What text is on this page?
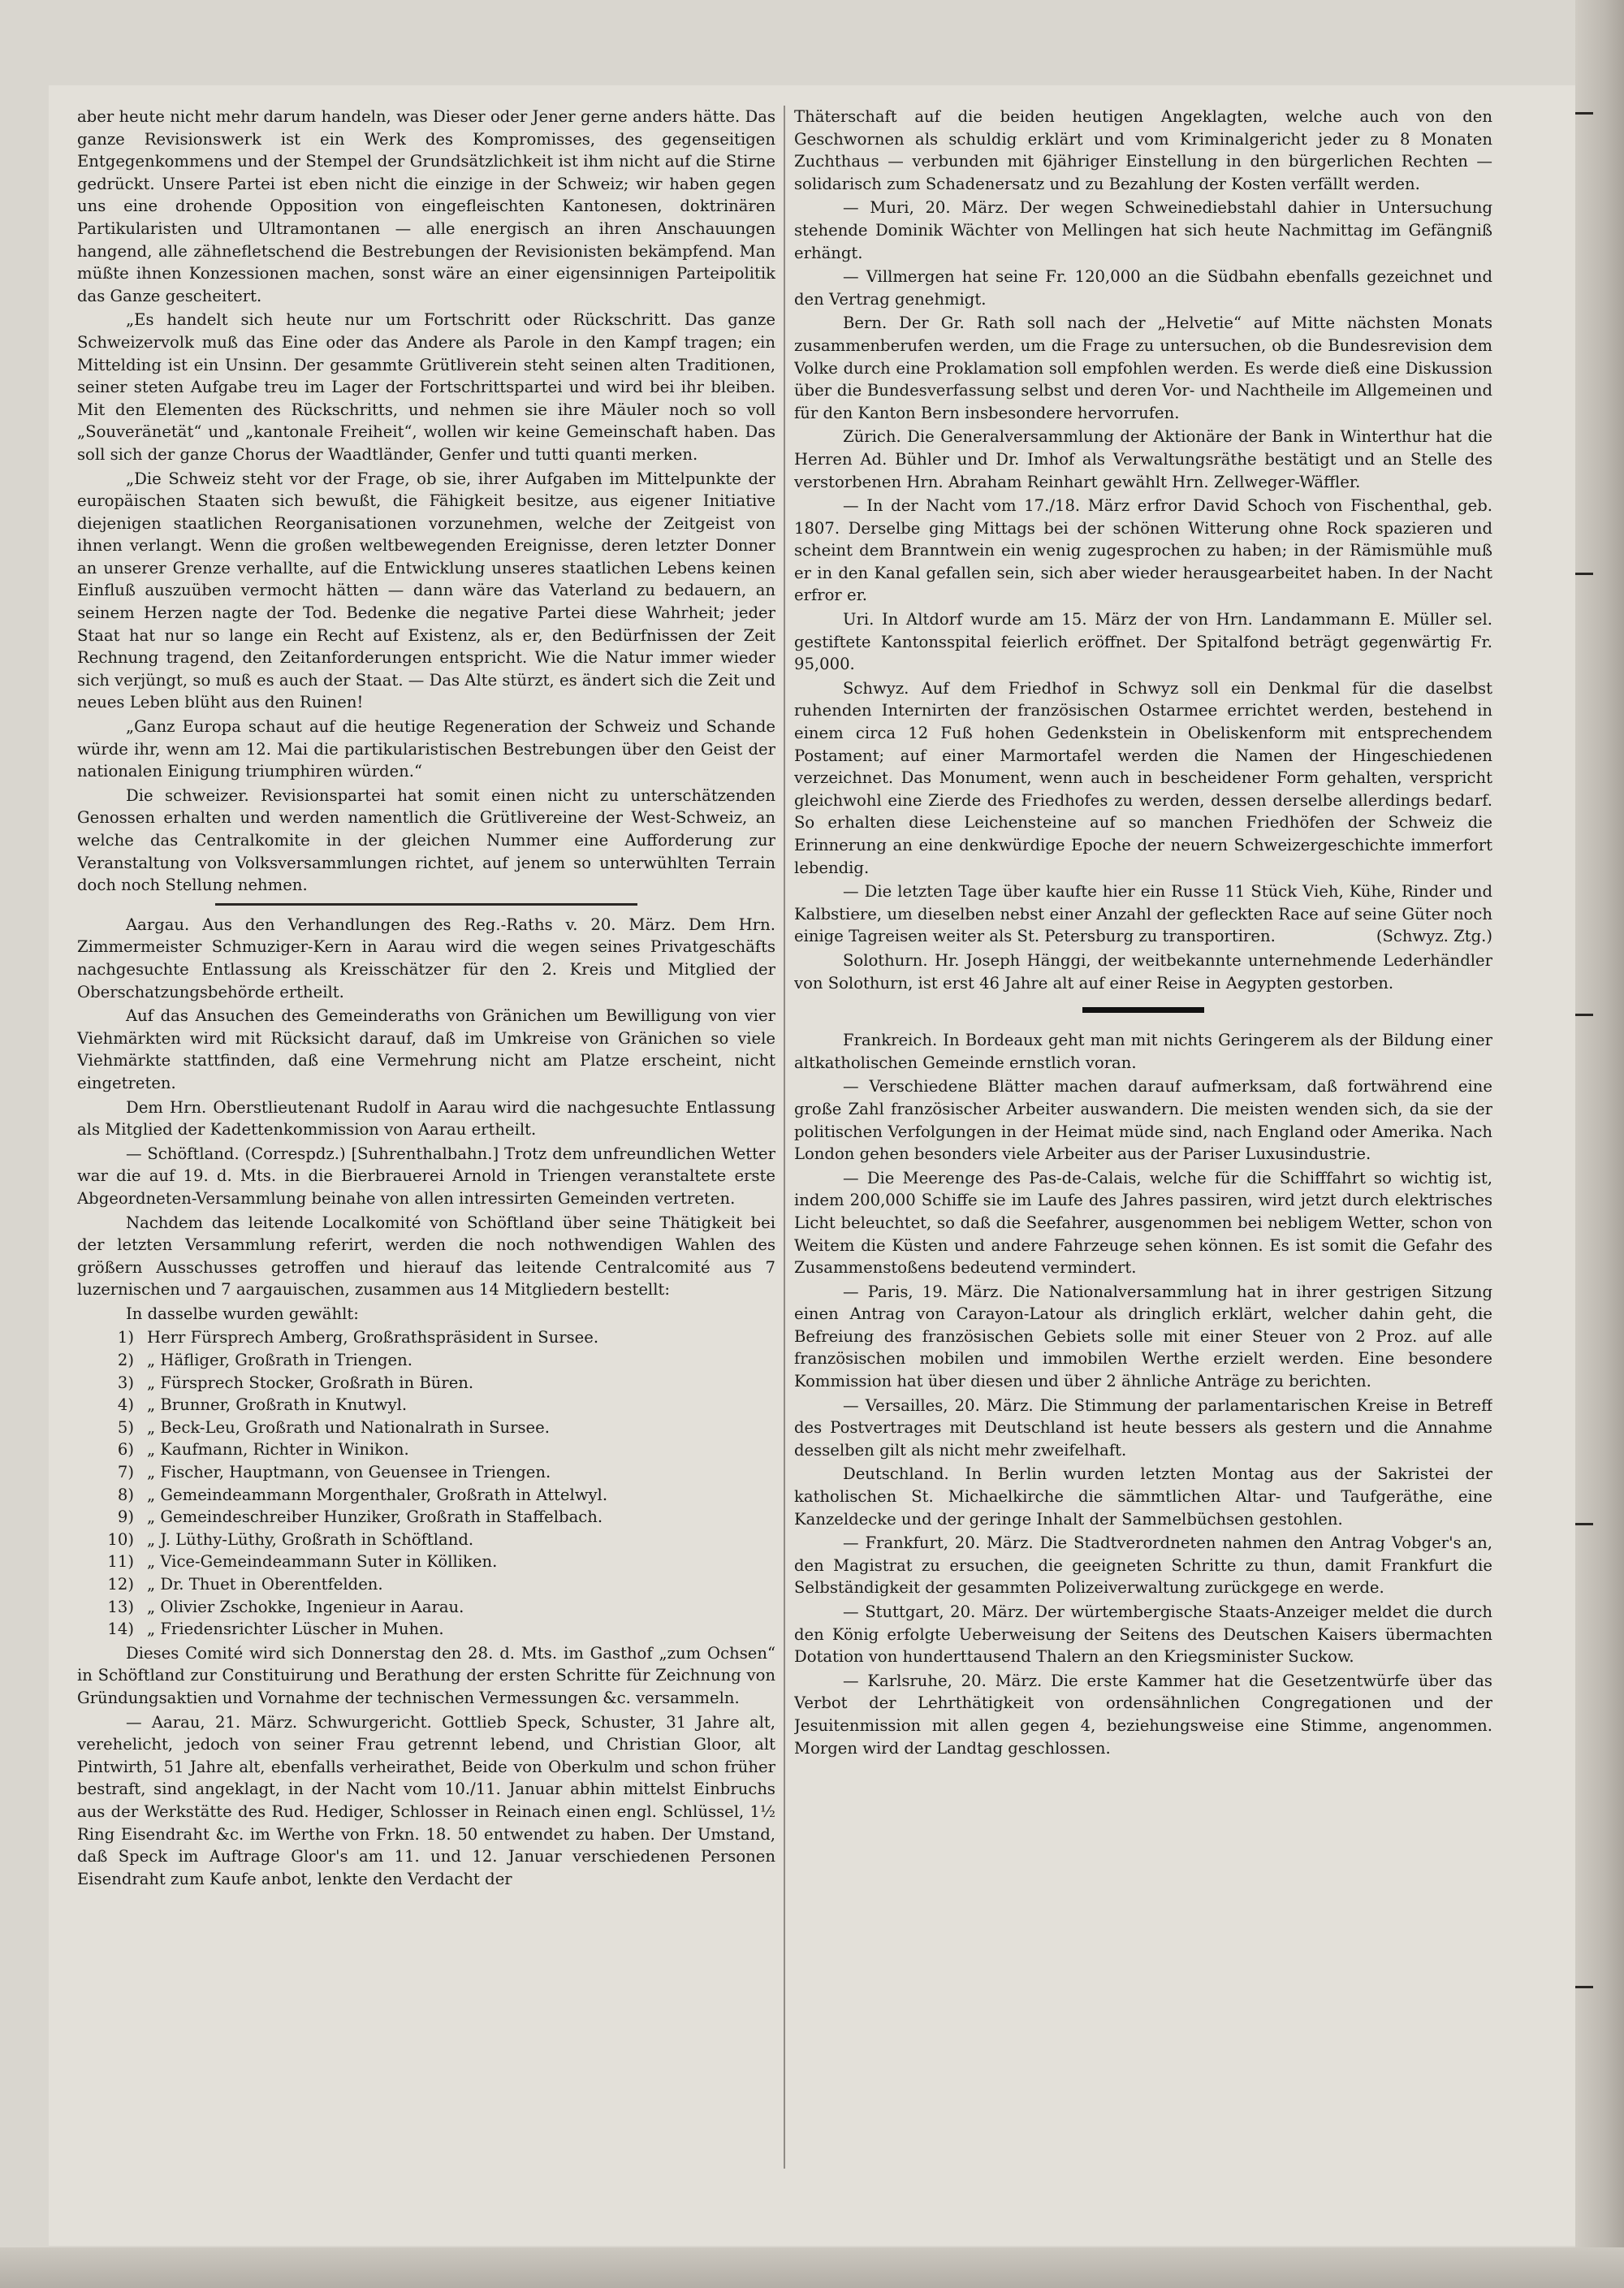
aber heute nicht mehr darum handeln, was Dieser oder Jener gerne anders hätte. Das ganze Revisionswerk ist ein Werk des Kompromisses, des gegenseitigen Entgegenkommens und der Stempel der Grundsätzlichkeit ist ihm nicht auf die Stirne gedrückt. Unsere Partei ist eben nicht die einzige in der Schweiz; wir haben gegen uns eine drohende Opposition von eingefleischten Kantonesen, doktrinären Partikularisten und Ultramontanen — alle energisch an ihren Anschauungen hangend, alle zähnefletschend die Bestrebungen der Revisionisten bekämpfend. Man müßte ihnen Konzessionen machen, sonst wäre an einer eigensinnigen Parteipolitik das Ganze gescheitert.

„Es handelt sich heute nur um Fortschritt oder Rückschritt. Das ganze Schweizervolk muß das Eine oder das Andere als Parole in den Kampf tragen; ein Mittelding ist ein Unsinn. Der gesammte Grütliverein steht seinen alten Traditionen, seiner steten Aufgabe treu im Lager der Fortschrittspartei und wird bei ihr bleiben. Mit den Elementen des Rückschritts, und nehmen sie ihre Mäuler noch so voll „Souveränetät“ und „kantonale Freiheit“, wollen wir keine Gemeinschaft haben. Das soll sich der ganze Chorus der Waadtländer, Genfer und tutti quanti merken.

„Die Schweiz steht vor der Frage, ob sie, ihrer Aufgaben im Mittelpunkte der europäischen Staaten sich bewußt, die Fähigkeit besitze, aus eigener Initiative diejenigen staatlichen Reorganisationen vorzunehmen, welche der Zeitgeist von ihnen verlangt. Wenn die großen weltbewegenden Ereignisse, deren letzter Donner an unserer Grenze verhallte, auf die Entwicklung unseres staatlichen Lebens keinen Einfluß auszuüben vermocht hätten — dann wäre das Vaterland zu bedauern, an seinem Herzen nagte der Tod. Bedenke die negative Partei diese Wahrheit; jeder Staat hat nur so lange ein Recht auf Existenz, als er, den Bedürfnissen der Zeit Rechnung tragend, den Zeitanforderungen entspricht. Wie die Natur immer wieder sich verjüngt, so muß es auch der Staat. — Das Alte stürzt, es ändert sich die Zeit und neues Leben blüht aus den Ruinen!

„Ganz Europa schaut auf die heutige Regeneration der Schweiz und Schande würde ihr, wenn am 12. Mai die partikularistischen Bestrebungen über den Geist der nationalen Einigung triumphiren würden.“

Die schweizer. Revisionspartei hat somit einen nicht zu unterschätzenden Genossen erhalten und werden namentlich die Grütlivereine der West-Schweiz, an welche das Centralkomite in der gleichen Nummer eine Aufforderung zur Veranstaltung von Volksversammlungen richtet, auf jenem so unterwühlten Terrain doch noch Stellung nehmen.

Aargau. Aus den Verhandlungen des Reg.-Raths v. 20. März. Dem Hrn. Zimmermeister Schmuziger-Kern in Aarau wird die wegen seines Privatgeschäfts nachgesuchte Entlassung als Kreisschätzer für den 2. Kreis und Mitglied der Oberschatzungsbehörde ertheilt.

Auf das Ansuchen des Gemeinderaths von Gränichen um Bewilligung von vier Viehmärkten wird mit Rücksicht darauf, daß im Umkreise von Gränichen so viele Viehmärkte stattfinden, daß eine Vermehrung nicht am Platze erscheint, nicht eingetreten.

Dem Hrn. Oberstlieutenant Rudolf in Aarau wird die nachgesuchte Entlassung als Mitglied der Kadettenkommission von Aarau ertheilt.

— Schöftland. (Correspdz.) [Suhrenthalbahn.] Trotz dem unfreundlichen Wetter war die auf 19. d. Mts. in die Bierbrauerei Arnold in Triengen veranstaltete erste Abgeordneten-Versammlung beinahe von allen intressirten Gemeinden vertreten.

Nachdem das leitende Localkomité von Schöftland über seine Thätigkeit bei der letzten Versammlung referirt, werden die noch nothwendigen Wahlen des größern Ausschusses getroffen und hierauf das leitende Centralcomité aus 7 luzernischen und 7 aargauischen, zusammen aus 14 Mitgliedern bestellt:

In dasselbe wurden gewählt:

1) Herr Fürsprech Amberg, Großrathspräsident in Sursee.
2) „ Häfliger, Großrath in Triengen.
3) „ Fürsprech Stocker, Großrath in Büren.
4) „ Brunner, Großrath in Knutwyl.
5) „ Beck-Leu, Großrath und Nationalrath in Sursee.
6) „ Kaufmann, Richter in Winikon.
7) „ Fischer, Hauptmann, von Geuensee in Triengen.
8) „ Gemeindeammann Morgenthaler, Großrath in Attelwyl.
9) „ Gemeindeschreiber Hunziker, Großrath in Staffelbach.
10) „ J. Lüthy-Lüthy, Großrath in Schöftland.
11) „ Vice-Gemeindeammann Suter in Kölliken.
12) „ Dr. Thuet in Oberentfelden.
13) „ Olivier Zschokke, Ingenieur in Aarau.
14) „ Friedensrichter Lüscher in Muhen.

Dieses Comité wird sich Donnerstag den 28. d. Mts. im Gasthof „zum Ochsen“ in Schöftland zur Constituirung und Berathung der ersten Schritte für Zeichnung von Gründungsaktien und Vornahme der technischen Vermessungen &c. versammeln.

— Aarau, 21. März. Schwurgericht. Gottlieb Speck, Schuster, 31 Jahre alt, verehelicht, jedoch von seiner Frau getrennt lebend, und Christian Gloor, alt Pintwirth, 51 Jahre alt, ebenfalls verheirathet, Beide von Oberkulm und schon früher bestraft, sind angeklagt, in der Nacht vom 10./11. Januar abhin mittelst Einbruchs aus der Werkstätte des Rud. Hediger, Schlosser in Reinach einen engl. Schlüssel, 1½ Ring Eisendraht &c. im Werthe von Frkn. 18. 50 entwendet zu haben. Der Umstand, daß Speck im Auftrage Gloor's am 11. und 12. Januar verschiedenen Personen Eisendraht zum Kaufe anbot, lenkte den Verdacht der

Thäterschaft auf die beiden heutigen Angeklagten, welche auch von den Geschwornen als schuldig erklärt und vom Kriminalgericht jeder zu 8 Monaten Zuchthaus — verbunden mit 6jähriger Einstellung in den bürgerlichen Rechten — solidarisch zum Schadenersatz und zu Bezahlung der Kosten verfällt werden.

— Muri, 20. März. Der wegen Schweinediebstahl dahier in Untersuchung stehende Dominik Wächter von Mellingen hat sich heute Nachmittag im Gefängniß erhängt.

— Villmergen hat seine Fr. 120,000 an die Südbahn ebenfalls gezeichnet und den Vertrag genehmigt.

Bern. Der Gr. Rath soll nach der „Helvetie“ auf Mitte nächsten Monats zusammenberufen werden, um die Frage zu untersuchen, ob die Bundesrevision dem Volke durch eine Proklamation soll empfohlen werden. Es werde dieß eine Diskussion über die Bundesverfassung selbst und deren Vor- und Nachtheile im Allgemeinen und für den Kanton Bern insbesondere hervorrufen.

Zürich. Die Generalversammlung der Aktionäre der Bank in Winterthur hat die Herren Ad. Bühler und Dr. Imhof als Verwaltungsräthe bestätigt und an Stelle des verstorbenen Hrn. Abraham Reinhart gewählt Hrn. Zellweger-Wäffler.

— In der Nacht vom 17./18. März erfror David Schoch von Fischenthal, geb. 1807. Derselbe ging Mittags bei der schönen Witterung ohne Rock spazieren und scheint dem Branntwein ein wenig zugesprochen zu haben; in der Rämismühle muß er in den Kanal gefallen sein, sich aber wieder herausgearbeitet haben. In der Nacht erfror er.

Uri. In Altdorf wurde am 15. März der von Hrn. Landammann E. Müller sel. gestiftete Kantonsspital feierlich eröffnet. Der Spitalfond beträgt gegenwärtig Fr. 95,000.

Schwyz. Auf dem Friedhof in Schwyz soll ein Denkmal für die daselbst ruhenden Internirten der französischen Ostarmee errichtet werden, bestehend in einem circa 12 Fuß hohen Gedenkstein in Obeliskenform mit entsprechendem Postament; auf einer Marmortafel werden die Namen der Hingeschiedenen verzeichnet. Das Monument, wenn auch in bescheidener Form gehalten, verspricht gleichwohl eine Zierde des Friedhofes zu werden, dessen derselbe allerdings bedarf. So erhalten diese Leichensteine auf so manchen Friedhöfen der Schweiz die Erinnerung an eine denkwürdige Epoche der neuern Schweizergeschichte immerfort lebendig.

— Die letzten Tage über kaufte hier ein Russe 11 Stück Vieh, Kühe, Rinder und Kalbstiere, um dieselben nebst einer Anzahl der gefleckten Race auf seine Güter noch einige Tagreisen weiter als St. Petersburg zu transportiren.	(Schwyz. Ztg.)

Solothurn. Hr. Joseph Hänggi, der weitbekannte unternehmende Lederhändler von Solothurn, ist erst 46 Jahre alt auf einer Reise in Aegypten gestorben.

Frankreich. In Bordeaux geht man mit nichts Geringerem als der Bildung einer altkatholischen Gemeinde ernstlich voran.

— Verschiedene Blätter machen darauf aufmerksam, daß fortwährend eine große Zahl französischer Arbeiter auswandern. Die meisten wenden sich, da sie der politischen Verfolgungen in der Heimat müde sind, nach England oder Amerika. Nach London gehen besonders viele Arbeiter aus der Pariser Luxusindustrie.

— Die Meerenge des Pas-de-Calais, welche für die Schifffahrt so wichtig ist, indem 200,000 Schiffe sie im Laufe des Jahres passiren, wird jetzt durch elektrisches Licht beleuchtet, so daß die Seefahrer, ausgenommen bei nebligem Wetter, schon von Weitem die Küsten und andere Fahrzeuge sehen können. Es ist somit die Gefahr des Zusammenstoßens bedeutend vermindert.

— Paris, 19. März. Die Nationalversammlung hat in ihrer gestrigen Sitzung einen Antrag von Carayon-Latour als dringlich erklärt, welcher dahin geht, die Befreiung des französischen Gebiets solle mit einer Steuer von 2 Proz. auf alle französischen mobilen und immobilen Werthe erzielt werden. Eine besondere Kommission hat über diesen und über 2 ähnliche Anträge zu berichten.

— Versailles, 20. März. Die Stimmung der parlamentarischen Kreise in Betreff des Postvertrages mit Deutschland ist heute bessers als gestern und die Annahme desselben gilt als nicht mehr zweifelhaft.

Deutschland. In Berlin wurden letzten Montag aus der Sakristei der katholischen St. Michaelkirche die sämmtlichen Altar- und Taufgeräthe, eine Kanzeldecke und der geringe Inhalt der Sammelbüchsen gestohlen.

— Frankfurt, 20. März. Die Stadtverordneten nahmen den Antrag Vobger's an, den Magistrat zu ersuchen, die geeigneten Schritte zu thun, damit Frankfurt die Selbständigkeit der gesammten Polizeiverwaltung zurückgege en werde.

— Stuttgart, 20. März. Der würtembergische Staats-Anzeiger meldet die durch den König erfolgte Ueberweisung der Seitens des Deutschen Kaisers übermachten Dotation von hunderttausend Thalern an den Kriegsminister Suckow.

— Karlsruhe, 20. März. Die erste Kammer hat die Gesetzentwürfe über das Verbot der Lehrthätigkeit von ordensähnlichen Congregationen und der Jesuitenmission mit allen gegen 4, beziehungsweise eine Stimme, angenommen. Morgen wird der Landtag geschlossen.
